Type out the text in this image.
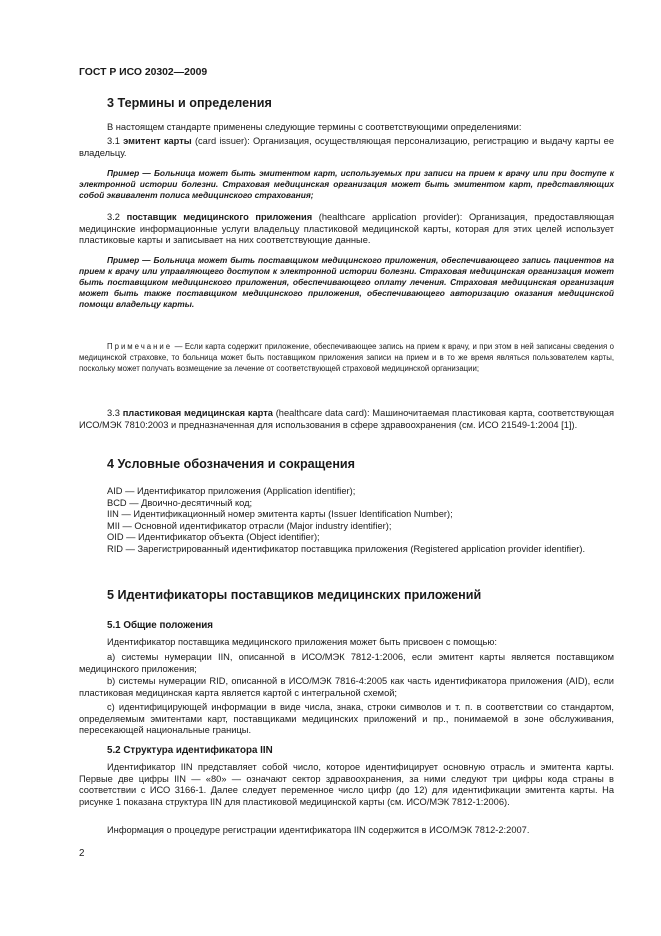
ГОСТ Р ИСО 20302—2009

3 Термины и определения

В настоящем стандарте применены следующие термины с соответствующими определениями:

3.1 эмитент карты (card issuer): Организация, осуществляющая персонализацию, регистрацию и выдачу карты ее владельцу.

Пример — Больница может быть эмитентом карт, используемых при записи на прием к врачу или при доступе к электронной истории болезни. Страховая медицинская организация может быть эмитентом карт, представляющих собой эквивалент полиса медицинского страхования;

3.2 поставщик медицинского приложения (healthcare application provider): Организация, предоставляющая медицинские информационные услуги владельцу пластиковой медицинской карты, которая для этих целей использует пластиковые карты и записывает на них соответствующие данные.

Пример — Больница может быть поставщиком медицинского приложения, обеспечивающего запись пациентов на прием к врачу или управляющего доступом к электронной истории болезни. Страховая медицинская организация может быть поставщиком медицинского приложения, обеспечивающего оплату лечения. Страховая медицинская организация может быть также поставщиком медицинского приложения, обеспечивающего авторизацию оказания медицинской помощи владельцу карты.

Примечание — Если карта содержит приложение, обеспечивающее запись на прием к врачу, и при этом в ней записаны сведения о медицинской страховке, то больница может быть поставщиком приложения записи на прием и в то же время являться пользователем карты, поскольку может получать возмещение за лечение от соответствующей страховой медицинской организации;

3.3 пластиковая медицинская карта (healthcare data card): Машиночитаемая пластиковая карта, соответствующая ИСО/МЭК 7810:2003 и предназначенная для использования в сфере здравоохранения (см. ИСО 21549-1:2004 [1]).

4 Условные обозначения и сокращения
AID — Идентификатор приложения (Application identifier);
BCD — Двоично-десятичный код;
IIN — Идентификационный номер эмитента карты (Issuer Identification Number);
MII — Основной идентификатор отрасли (Major industry identifier);
OID — Идентификатор объекта (Object identifier);
RID — Зарегистрированный идентификатор поставщика приложения (Registered application provider identifier).
5 Идентификаторы поставщиков медицинских приложений
5.1 Общие положения

Идентификатор поставщика медицинского приложения может быть присвоен с помощью:

a) системы нумерации IIN, описанной в ИСО/МЭК 7812-1:2006, если эмитент карты является поставщиком медицинского приложения;

b) системы нумерации RID, описанной в ИСО/МЭК 7816-4:2005 как часть идентификатора приложения (AID), если пластиковая медицинская карта является картой с интегральной схемой;

c) идентифицирующей информации в виде числа, знака, строки символов и т. п. в соответствии со стандартом, определяемым эмитентами карт, поставщиками медицинских приложений и пр., понимаемой в зоне обслуживания, пересекающей национальные границы.

5.2 Структура идентификатора IIN

Идентификатор IIN представляет собой число, которое идентифицирует основную отрасль и эмитента карты. Первые две цифры IIN — «80» — означают сектор здравоохранения, за ними следуют три цифры кода страны в соответствии с ИСО 3166-1. Далее следует переменное число цифр (до 12) для идентификации эмитента карты. На рисунке 1 показана структура IIN для пластиковой медицинской карты (см. ИСО/МЭК 7812-1:2006).

Информация о процедуре регистрации идентификатора IIN содержится в ИСО/МЭК 7812-2:2007.

2
